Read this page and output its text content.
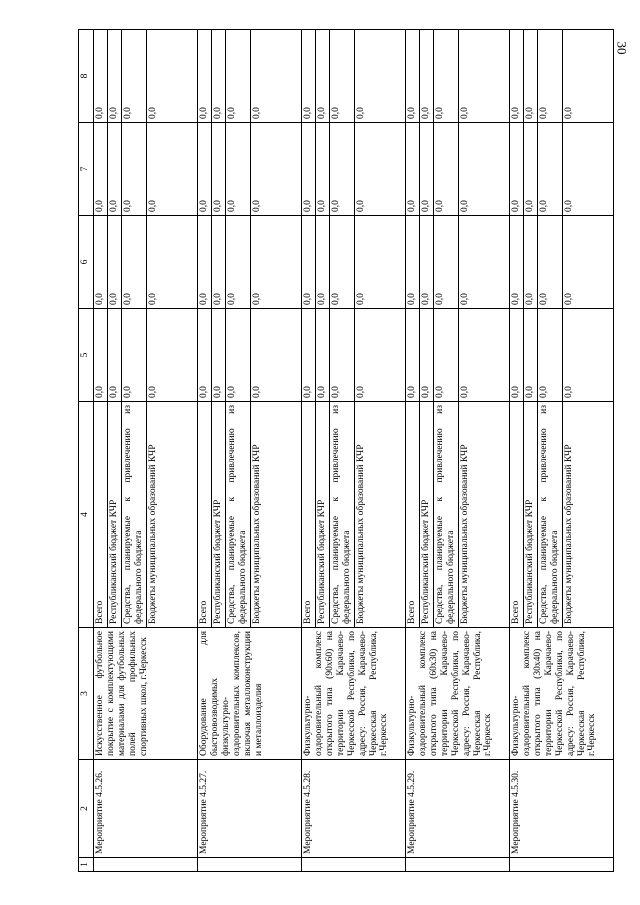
30
1	2	3	4	5	6	7	8
	Мероприятие 4.5.26.	Искусственное футбольное покрытие с комплектующими материалами для футбольных полей профильных спортивных школ, г.Черкесск	Всего	0,0	0,0	0,0	0,0
			Республиканский бюджет КЧР	0,0	0,0	0,0	0,0
			Средства, планируемые к привлечению из федерального бюджета	0,0	0,0	0,0	0,0
			Бюджеты муниципальных образований КЧР	0,0	0,0	0,0	0,0
	Мероприятие 4.5.27.	Оборудование для быстровозводимых физкультурно-оздоровительных комплексов, включая металлоконструкции и металлоизделия	Всего	0,0	0,0	0,0	0,0
			Республиканский бюджет КЧР	0,0	0,0	0,0	0,0
			Средства, планируемые к привлечению из федерального бюджета	0,0	0,0	0,0	0,0
			Бюджеты муниципальных образований КЧР	0,0	0,0	0,0	0,0
	Мероприятие 4.5.28.	Физкультурно-оздоровительный комплекс открытого типа (90х60) на территории Карачаево-Черкесской Республики, по адресу: Россия, Карачаево-Черкесская Республика, г.Черкесск	Всего	0,0	0,0	0,0	0,0
			Республиканский бюджет КЧР	0,0	0,0	0,0	0,0
			Средства, планируемые к привлечению из федерального бюджета	0,0	0,0	0,0	0,0
			Бюджеты муниципальных образований КЧР	0,0	0,0	0,0	0,0
	Мероприятие 4.5.29.	Физкультурно-оздоровительный комплекс открытого типа (60х30) на территории Карачаево-Черкесской Республики, по адресу: Россия, Карачаево-Черкесская Республика, г.Черкесск	Всего	0,0	0,0	0,0	0,0
			Республиканский бюджет КЧР	0,0	0,0	0,0	0,0
			Средства, планируемые к привлечению из федерального бюджета	0,0	0,0	0,0	0,0
			Бюджеты муниципальных образований КЧР	0,0	0,0	0,0	0,0
	Мероприятие 4.5.30.	Физкультурно-оздоровительный комплекс открытого типа (30х40) на территории Карачаево-Черкесской Республики, по адресу: Россия, Карачаево-Черкесская Республика, г.Черкесск	Всего	0,0	0,0	0,0	0,0
			Республиканский бюджет КЧР	0,0	0,0	0,0	0,0
			Средства, планируемые к привлечению из федерального бюджета	0,0	0,0	0,0	0,0
			Бюджеты муниципальных образований КЧР	0,0	0,0	0,0	0,0
